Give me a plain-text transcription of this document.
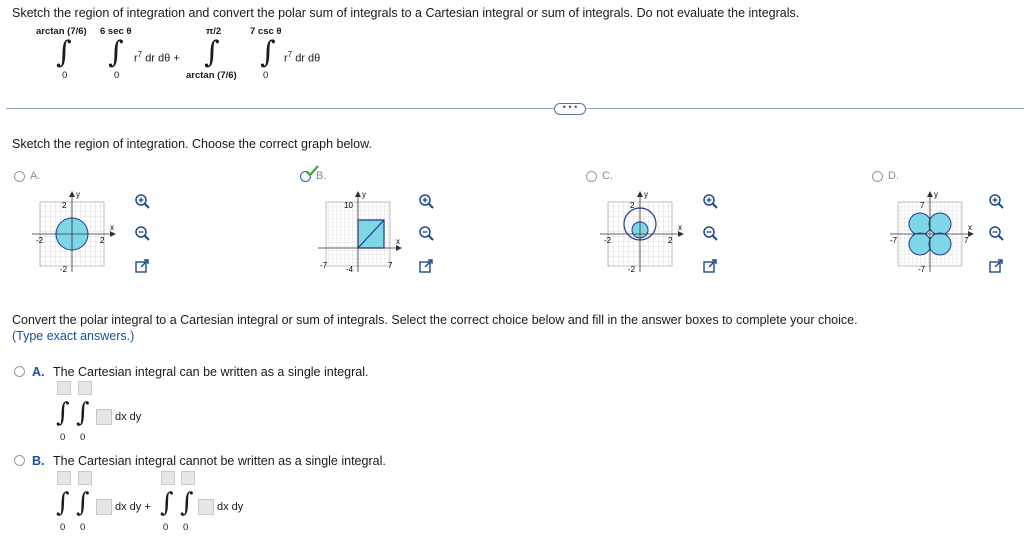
Sketch the region of integration and convert the polar sum of integrals to a Cartesian integral or sum of integrals. Do not evaluate the integrals.
arctan (7/6) 6 sec θ
∫ ∫ $r^7$ dr dθ +
0	0
π/2	7 csc θ
∫ ∫ $r^7$ dr dθ
arctan (7/6)	0
• • •
Sketch the region of integration. Choose the correct graph below.
A.
y
x
2
-2	2
-2
B.
y
x
10
-7	7
-4
C.
y
x
2
-2	2
-2
D.
y
x
7
-7	7
-7
Convert the polar integral to a Cartesian integral or sum of integrals. Select the correct choice below and fill in the answer boxes to complete your choice.
(Type exact answers.)
A. The Cartesian integral can be written as a single integral.
∫ ∫ dx dy
0 0
B. The Cartesian integral cannot be written as a single integral.
∫ ∫ dx dy +
0 0
∫ ∫ dx dy
0 0
